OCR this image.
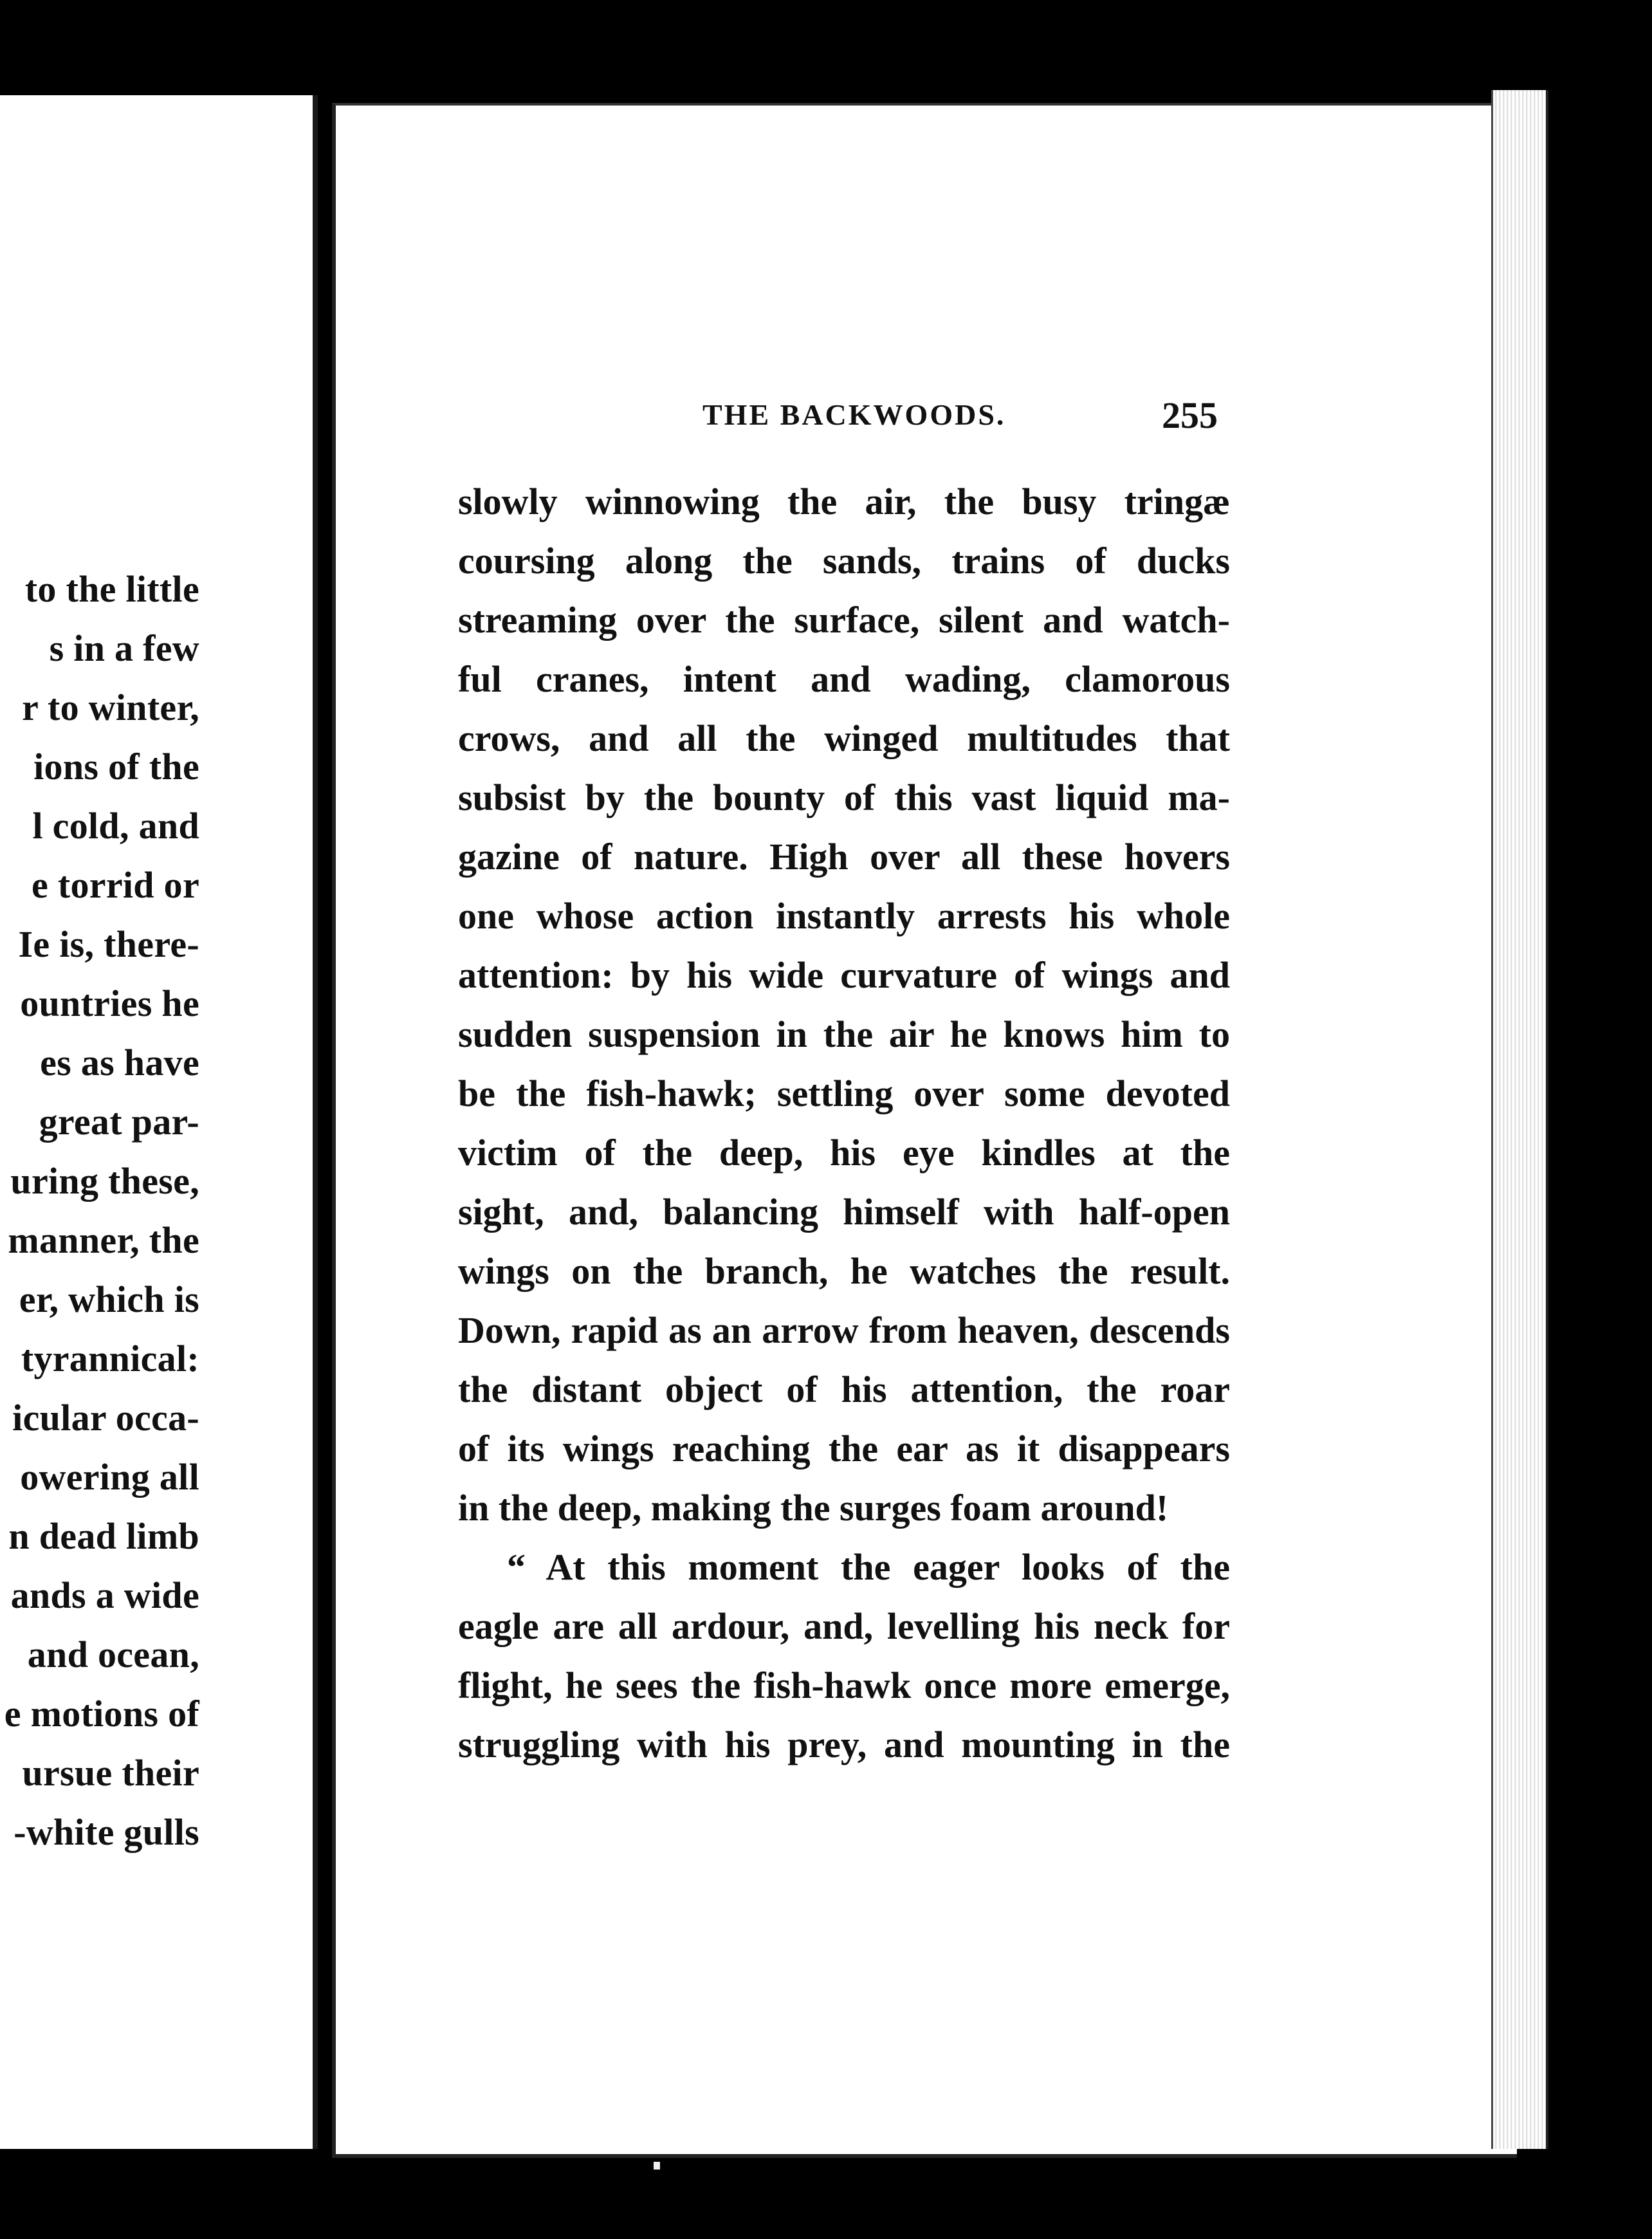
to the little
s in a few
r to winter,
ions of the
l cold, and
e torrid or
Ie is, there-
ountries he
es as have
great par-
uring these,
manner, the
er, which is
tyrannical:
icular occa-
owering all
n dead limb
ands a wide
and ocean,
e motions of
ursue their
-white gulls
THE BACKWOODS.	255
slowly winnowing the air, the busy tringæ
coursing along the sands, trains of ducks
streaming over the surface, silent and watch-
ful cranes, intent and wading, clamorous
crows, and all the winged multitudes that
subsist by the bounty of this vast liquid ma-
gazine of nature. High over all these hovers
one whose action instantly arrests his whole
attention: by his wide curvature of wings and
sudden suspension in the air he knows him to
be the fish-hawk; settling over some devoted
victim of the deep, his eye kindles at the
sight, and, balancing himself with half-open
wings on the branch, he watches the result.
Down, rapid as an arrow from heaven, descends
the distant object of his attention, the roar
of its wings reaching the ear as it disappears
in the deep, making the surges foam around!
“ At this moment the eager looks of the
eagle are all ardour, and, levelling his neck for
flight, he sees the fish-hawk once more emerge,
struggling with his prey, and mounting in the
